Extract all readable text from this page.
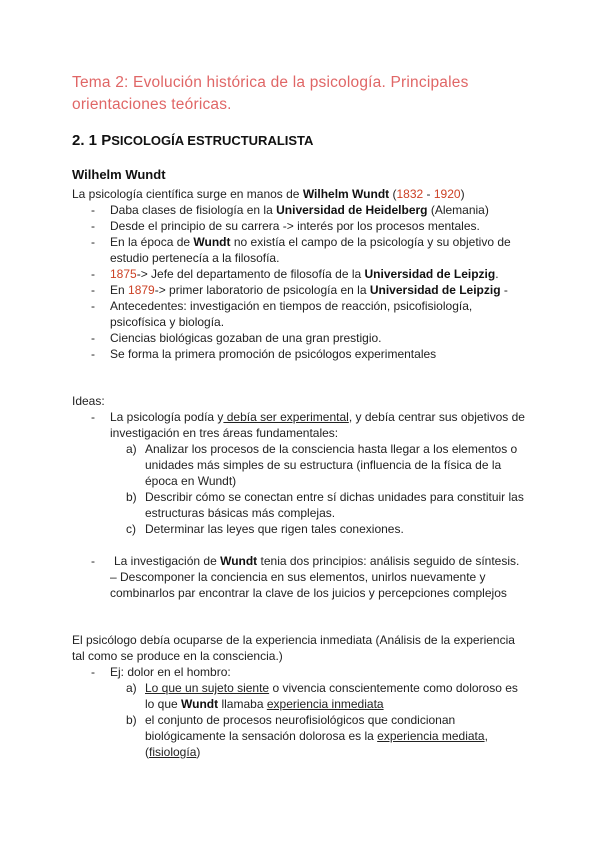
Tema 2: Evolución histórica de la psicología. Principales
orientaciones teóricas.
2. 1 PSICOLOGÍA ESTRUCTURALISTA
Wilhelm Wundt
La psicología científica surge en manos de Wilhelm Wundt (1832 - 1920)
- Daba clases de fisiología en la Universidad de Heidelberg (Alemania)
- Desde el principio de su carrera -> interés por los procesos mentales.
- En la época de Wundt no existía el campo de la psicología y su objetivo de
estudio pertenecía a la filosofía.
- 1875-> Jefe del departamento de filosofía de la Universidad de Leipzig.
- En 1879-> primer laboratorio de psicología en la Universidad de Leipzig -
- Antecedentes: investigación en tiempos de reacción, psicofisiología,
psicofísica y biología.
- Ciencias biológicas gozaban de una gran prestigio.
- Se forma la primera promoción de psicólogos experimentales
Ideas:
- La psicología podía y debía ser experimental, y debía centrar sus objetivos de
investigación en tres áreas fundamentales:
a) Analizar los procesos de la consciencia hasta llegar a los elementos o
unidades más simples de su estructura (influencia de la física de la
época en Wundt)
b) Describir cómo se conectan entre sí dichas unidades para constituir las
estructuras básicas más complejas.
c) Determinar las leyes que rigen tales conexiones.
- La investigación de Wundt tenia dos principios: análisis seguido de síntesis.
– Descomponer la conciencia en sus elementos, unirlos nuevamente y
combinarlos par encontrar la clave de los juicios y percepciones complejos
El psicólogo debía ocuparse de la experiencia inmediata (Análisis de la experiencia
tal como se produce en la consciencia.)
- Ej: dolor en el hombro:
a) Lo que un sujeto siente o vivencia conscientemente como doloroso es
lo que Wundt llamaba experiencia inmediata
b) el conjunto de procesos neurofisiológicos que condicionan
biológicamente la sensación dolorosa es la experiencia mediata,
(fisiología)
